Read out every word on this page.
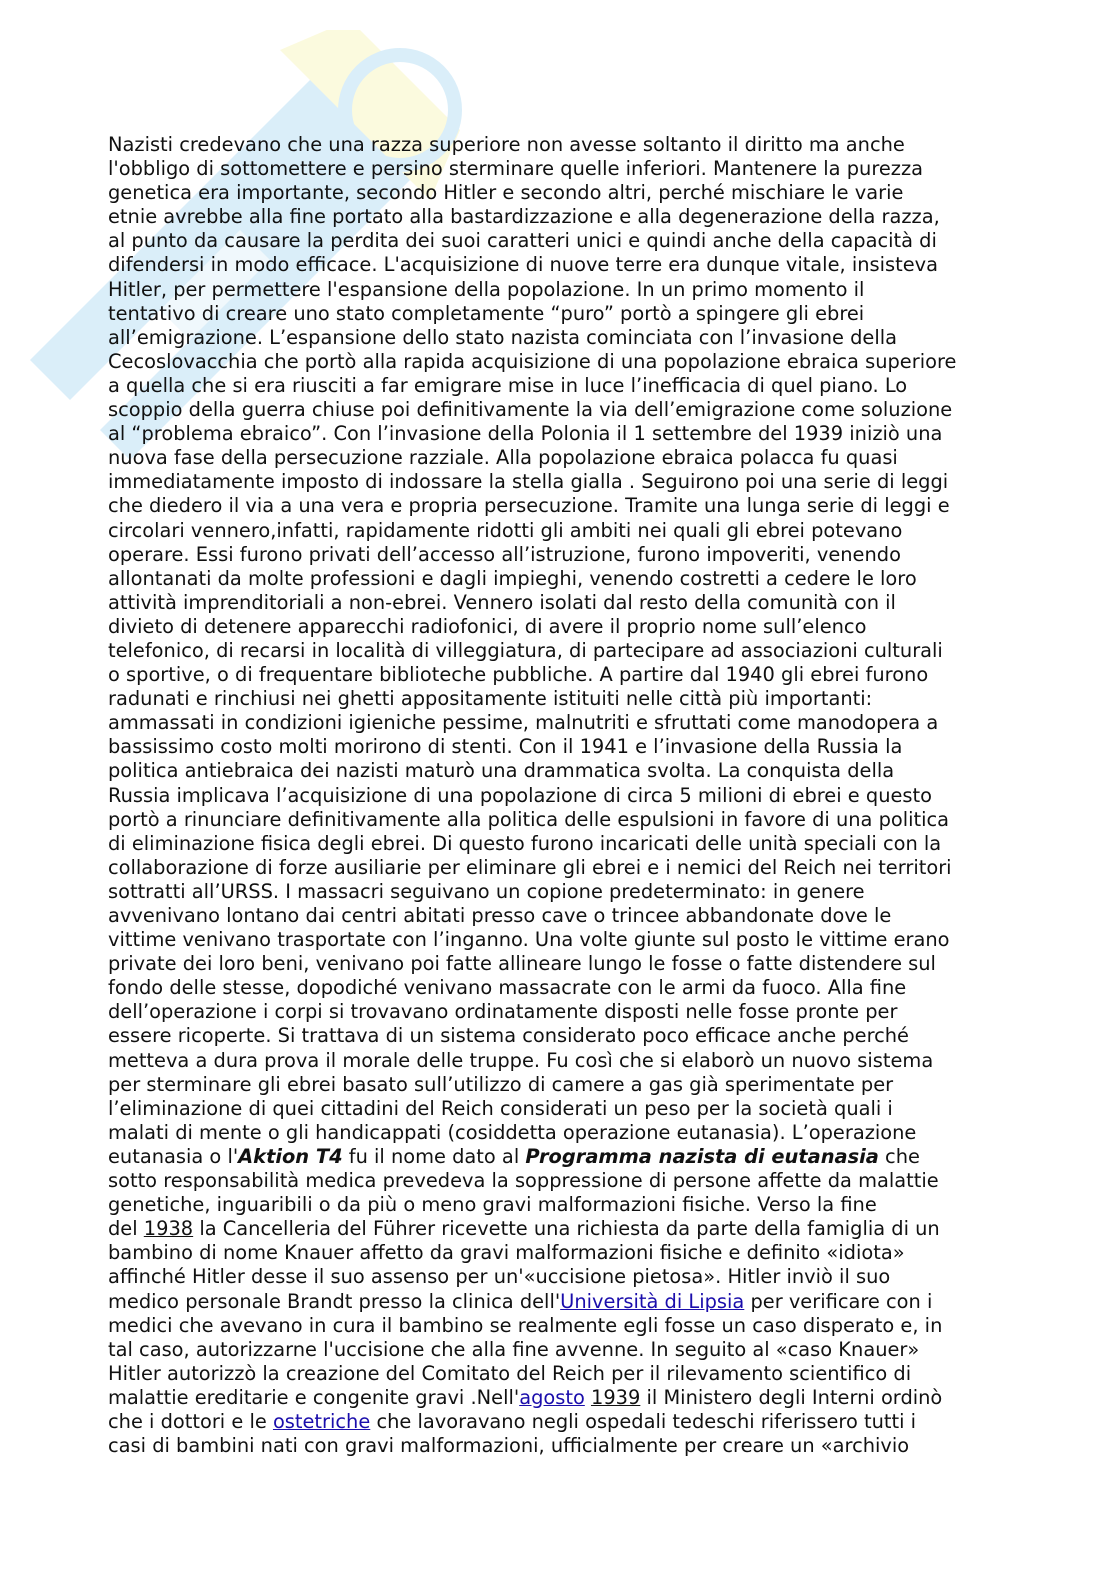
Nazisti credevano che una razza superiore non avesse soltanto il diritto ma anche
l'obbligo di sottomettere e persino sterminare quelle inferiori. Mantenere la purezza
genetica era importante, secondo Hitler e secondo altri, perché mischiare le varie
etnie avrebbe alla fine portato alla bastardizzazione e alla degenerazione della razza,
al punto da causare la perdita dei suoi caratteri unici e quindi anche della capacità di
difendersi in modo efficace. L'acquisizione di nuove terre era dunque vitale, insisteva
Hitler, per permettere l'espansione della popolazione. In un primo momento il
tentativo di creare uno stato completamente “puro” portò a spingere gli ebrei
all’emigrazione. L’espansione dello stato nazista cominciata con l’invasione della
Cecoslovacchia che portò alla rapida acquisizione di una popolazione ebraica superiore
a quella che si era riusciti a far emigrare mise in luce l’inefficacia di quel piano. Lo
scoppio della guerra chiuse poi definitivamente la via dell’emigrazione come soluzione
al “problema ebraico”. Con l’invasione della Polonia il 1 settembre del 1939 iniziò una
nuova fase della persecuzione razziale. Alla popolazione ebraica polacca fu quasi
immediatamente imposto di indossare la stella gialla . Seguirono poi una serie di leggi
che diedero il via a una vera e propria persecuzione. Tramite una lunga serie di leggi e
circolari vennero,infatti, rapidamente ridotti gli ambiti nei quali gli ebrei potevano
operare. Essi furono privati dell’accesso all’istruzione, furono impoveriti, venendo
allontanati da molte professioni e dagli impieghi, venendo costretti a cedere le loro
attività imprenditoriali a non-ebrei. Vennero isolati dal resto della comunità con il
divieto di detenere apparecchi radiofonici, di avere il proprio nome sull’elenco
telefonico, di recarsi in località di villeggiatura, di partecipare ad associazioni culturali
o sportive, o di frequentare biblioteche pubbliche. A partire dal 1940 gli ebrei furono
radunati e rinchiusi nei ghetti appositamente istituiti nelle città più importanti:
ammassati in condizioni igieniche pessime, malnutriti e sfruttati come manodopera a
bassissimo costo molti morirono di stenti. Con il 1941 e l’invasione della Russia la
politica antiebraica dei nazisti maturò una drammatica svolta. La conquista della
Russia implicava l’acquisizione di una popolazione di circa 5 milioni di ebrei e questo
portò a rinunciare definitivamente alla politica delle espulsioni in favore di una politica
di eliminazione fisica degli ebrei. Di questo furono incaricati delle unità speciali con la
collaborazione di forze ausiliarie per eliminare gli ebrei e i nemici del Reich nei territori
sottratti all’URSS. I massacri seguivano un copione predeterminato: in genere
avvenivano lontano dai centri abitati presso cave o trincee abbandonate dove le
vittime venivano trasportate con l’inganno. Una volte giunte sul posto le vittime erano
private dei loro beni, venivano poi fatte allineare lungo le fosse o fatte distendere sul
fondo delle stesse, dopodiché venivano massacrate con le armi da fuoco. Alla fine
dell’operazione i corpi si trovavano ordinatamente disposti nelle fosse pronte per
essere ricoperte. Si trattava di un sistema considerato poco efficace anche perché
metteva a dura prova il morale delle truppe. Fu così che si elaborò un nuovo sistema
per sterminare gli ebrei basato sull’utilizzo di camere a gas già sperimentate per
l’eliminazione di quei cittadini del Reich considerati un peso per la società quali i
malati di mente o gli handicappati (cosiddetta operazione eutanasia). L’operazione
eutanasia o l'Aktion T4 fu il nome dato al Programma nazista di eutanasia che
sotto responsabilità medica prevedeva la soppressione di persone affette da malattie
genetiche, inguaribili o da più o meno gravi malformazioni fisiche. Verso la fine
del 1938 la Cancelleria del Führer ricevette una richiesta da parte della famiglia di un
bambino di nome Knauer affetto da gravi malformazioni fisiche e definito «idiota»
affinché Hitler desse il suo assenso per un'«uccisione pietosa». Hitler inviò il suo
medico personale Brandt presso la clinica dell'Università di Lipsia per verificare con i
medici che avevano in cura il bambino se realmente egli fosse un caso disperato e, in
tal caso, autorizzarne l'uccisione che alla fine avvenne. In seguito al «caso Knauer»
Hitler autorizzò la creazione del Comitato del Reich per il rilevamento scientifico di
malattie ereditarie e congenite gravi .Nell'agosto 1939 il Ministero degli Interni ordinò
che i dottori e le ostetriche che lavoravano negli ospedali tedeschi riferissero tutti i
casi di bambini nati con gravi malformazioni, ufficialmente per creare un «archivio
